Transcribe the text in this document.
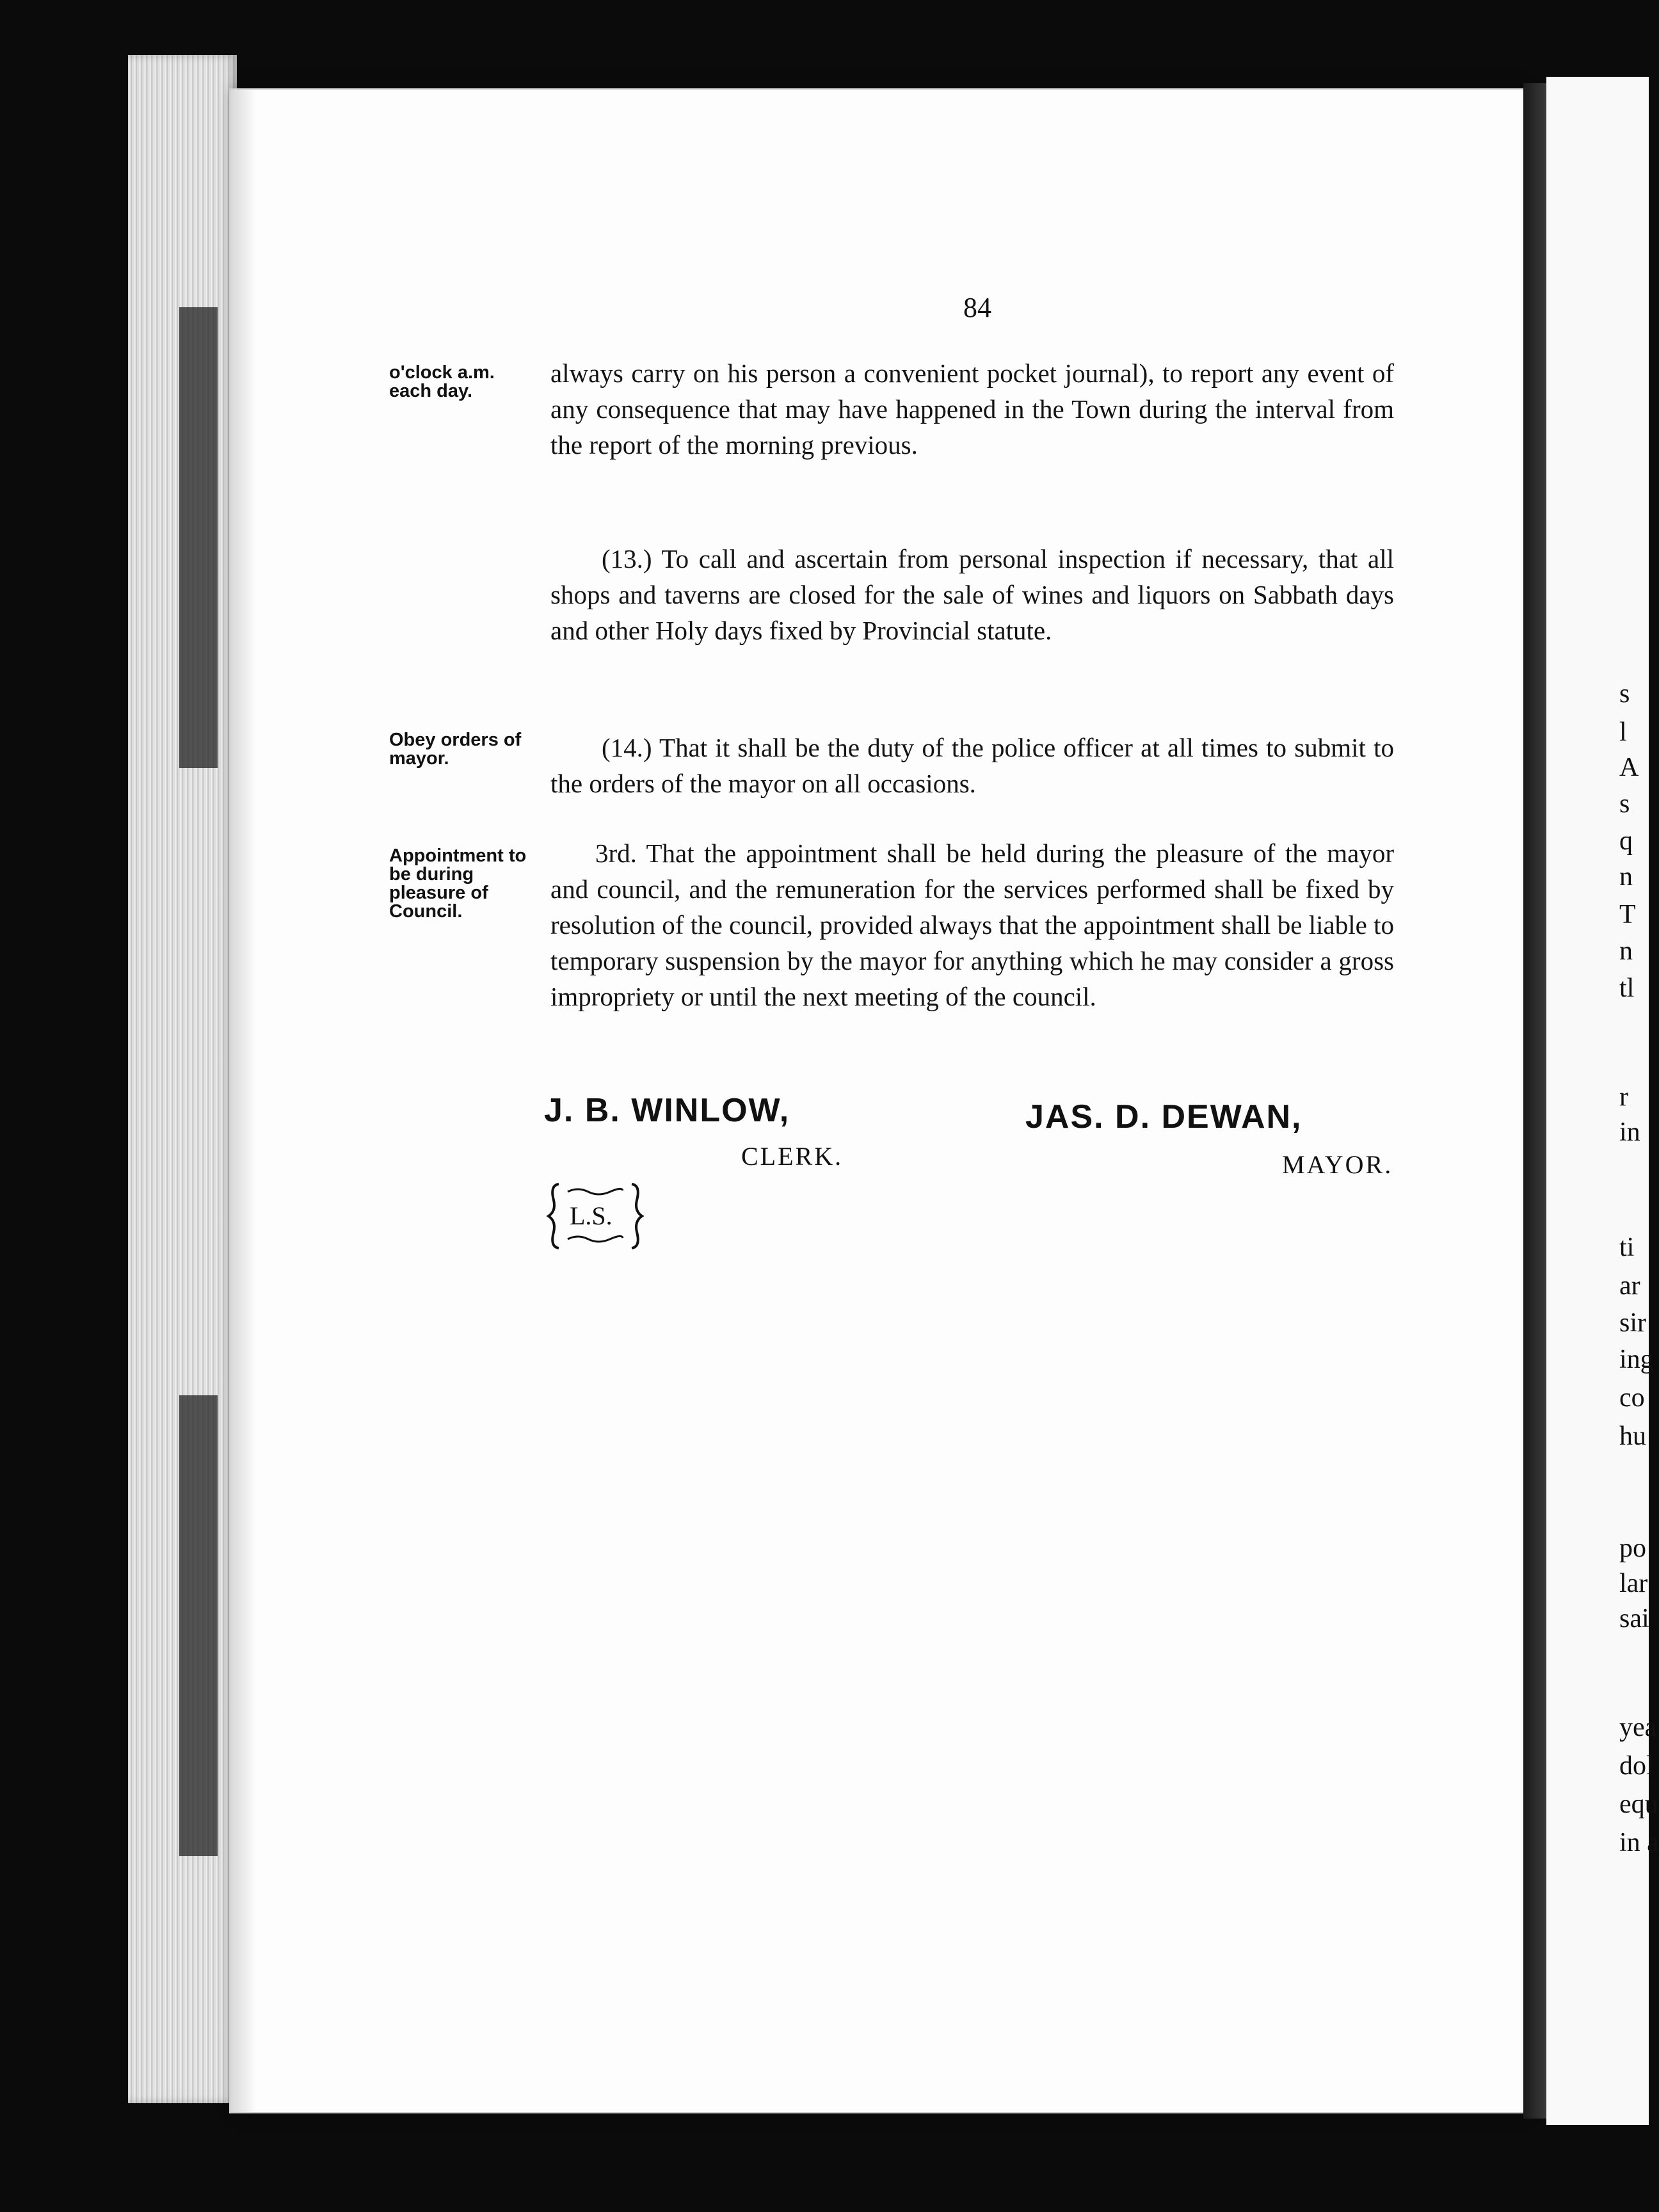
84
o'clock a.m. each day.
Obey orders of mayor.
Appointment to be during pleasure of Council.
always carry on his person a convenient pocket journal), to report any event of any consequence that may have happened in the Town during the interval from the report of the morning previous.
(13.) To call and ascertain from personal inspection if necessary, that all shops and taverns are closed for the sale of wines and liquors on Sabbath days and other Holy days fixed by Provincial statute.
(14.) That it shall be the duty of the police officer at all times to submit to the orders of the mayor on all occasions.
3rd. That the appointment shall be held during the pleasure of the mayor and council, and the remuneration for the services performed shall be fixed by resolution of the council, provided always that the appointment shall be liable to temporary suspension by the mayor for anything which he may consider a gross impropriety or until the next meeting of the council.
J. B. WINLOW,
CLERK.
JAS. D. DEWAN,
MAYOR.
L.S.
s
l
A
s
q
n
T
n
tl
r
in
ti
ar
sir
ing
co
hu
po
lar
sai
yea
dol
equ
in a
